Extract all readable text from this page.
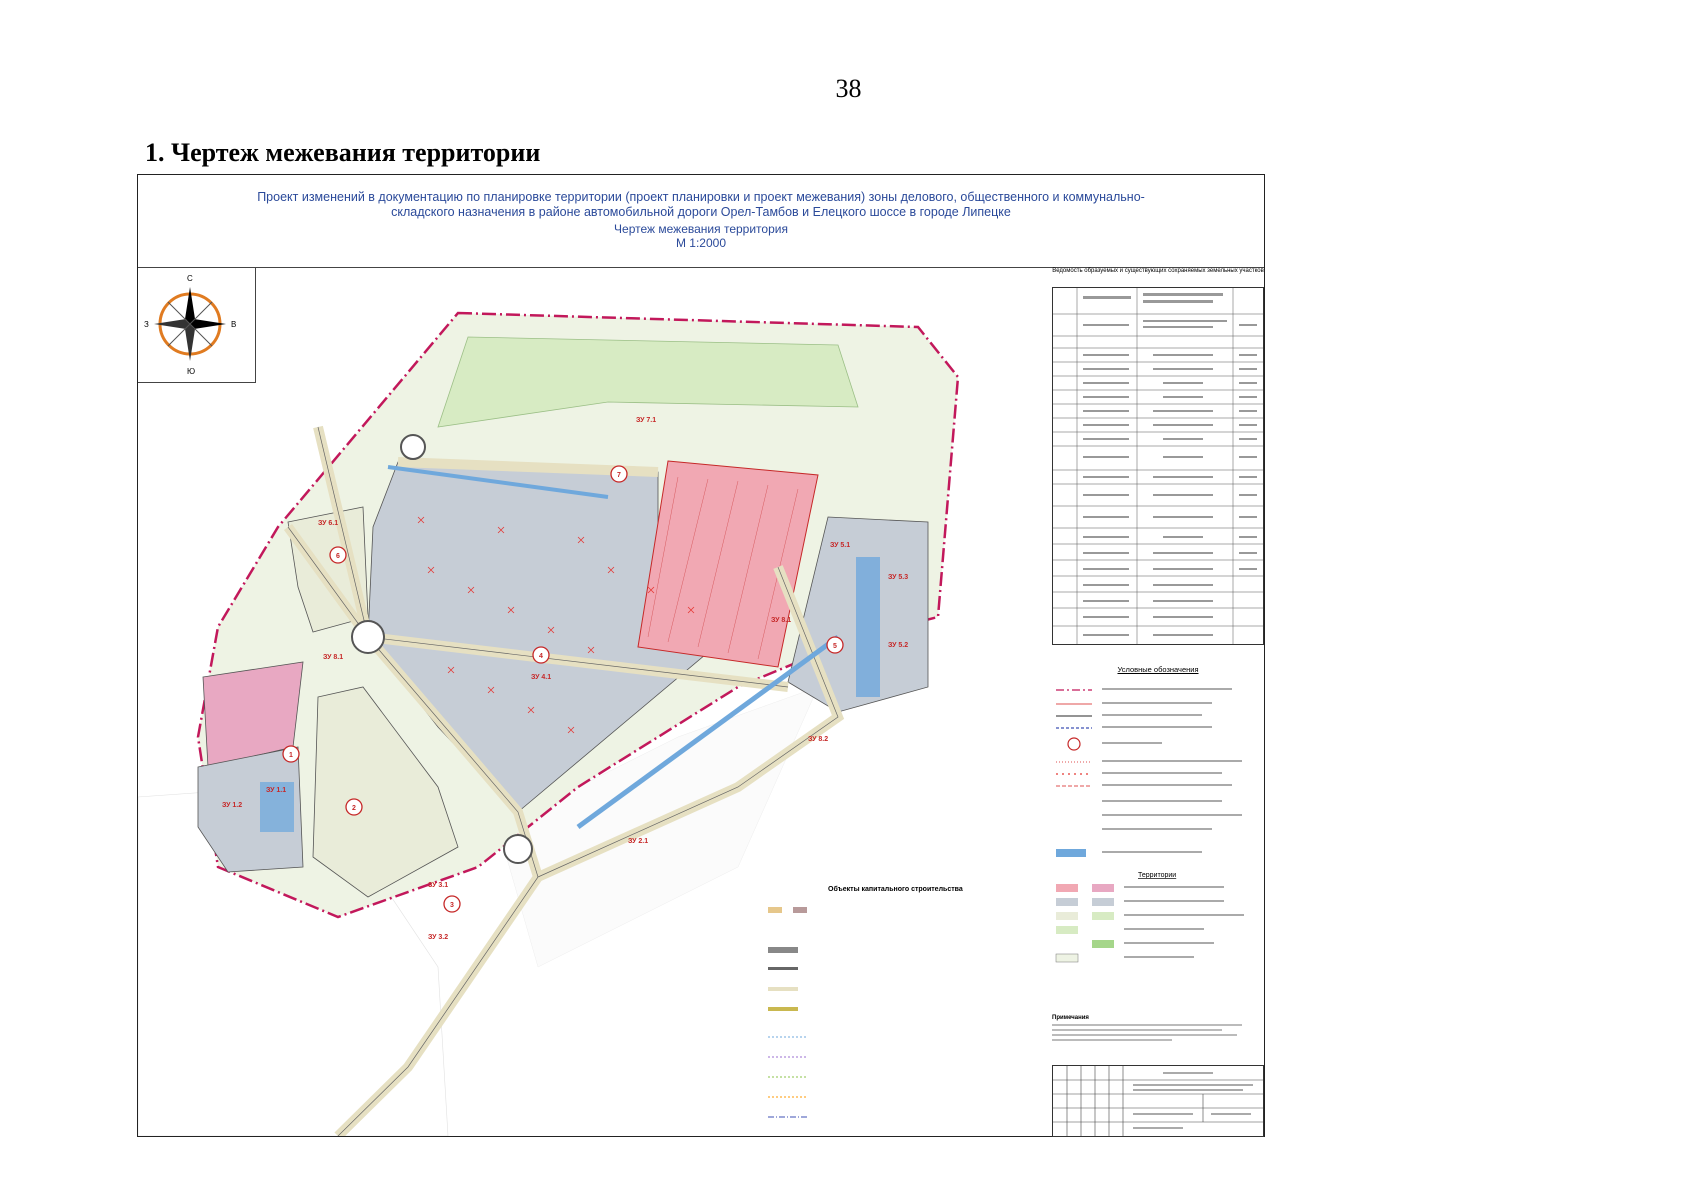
38
1. Чертеж межевания территории
Проект изменений в документацию по планировке территории (проект планировки и проект межевания) зоны делового, общественного и коммунально-складского назначения в районе автомобильной дороги Орел-Тамбов и Елецкого шоссе в городе Липецке
Чертеж межевания территория
М 1:2000
1
2
3
4
5
6
7
ЗУ 4.1
ЗУ 6.1
ЗУ 8.1
ЗУ 8.2
ЗУ 5.1
ЗУ 5.2
ЗУ 5.3
ЗУ 1.1
ЗУ 1.2
ЗУ 3.1
ЗУ 3.2
ЗУ 2.1
ЗУ 7.1
ЗУ 8.1
Объекты капитального строительства
С
Ю
З	В
Ведомость образуемых и существующих сохраняемых земельных участков
Условные обозначения
Территории
Примечания
